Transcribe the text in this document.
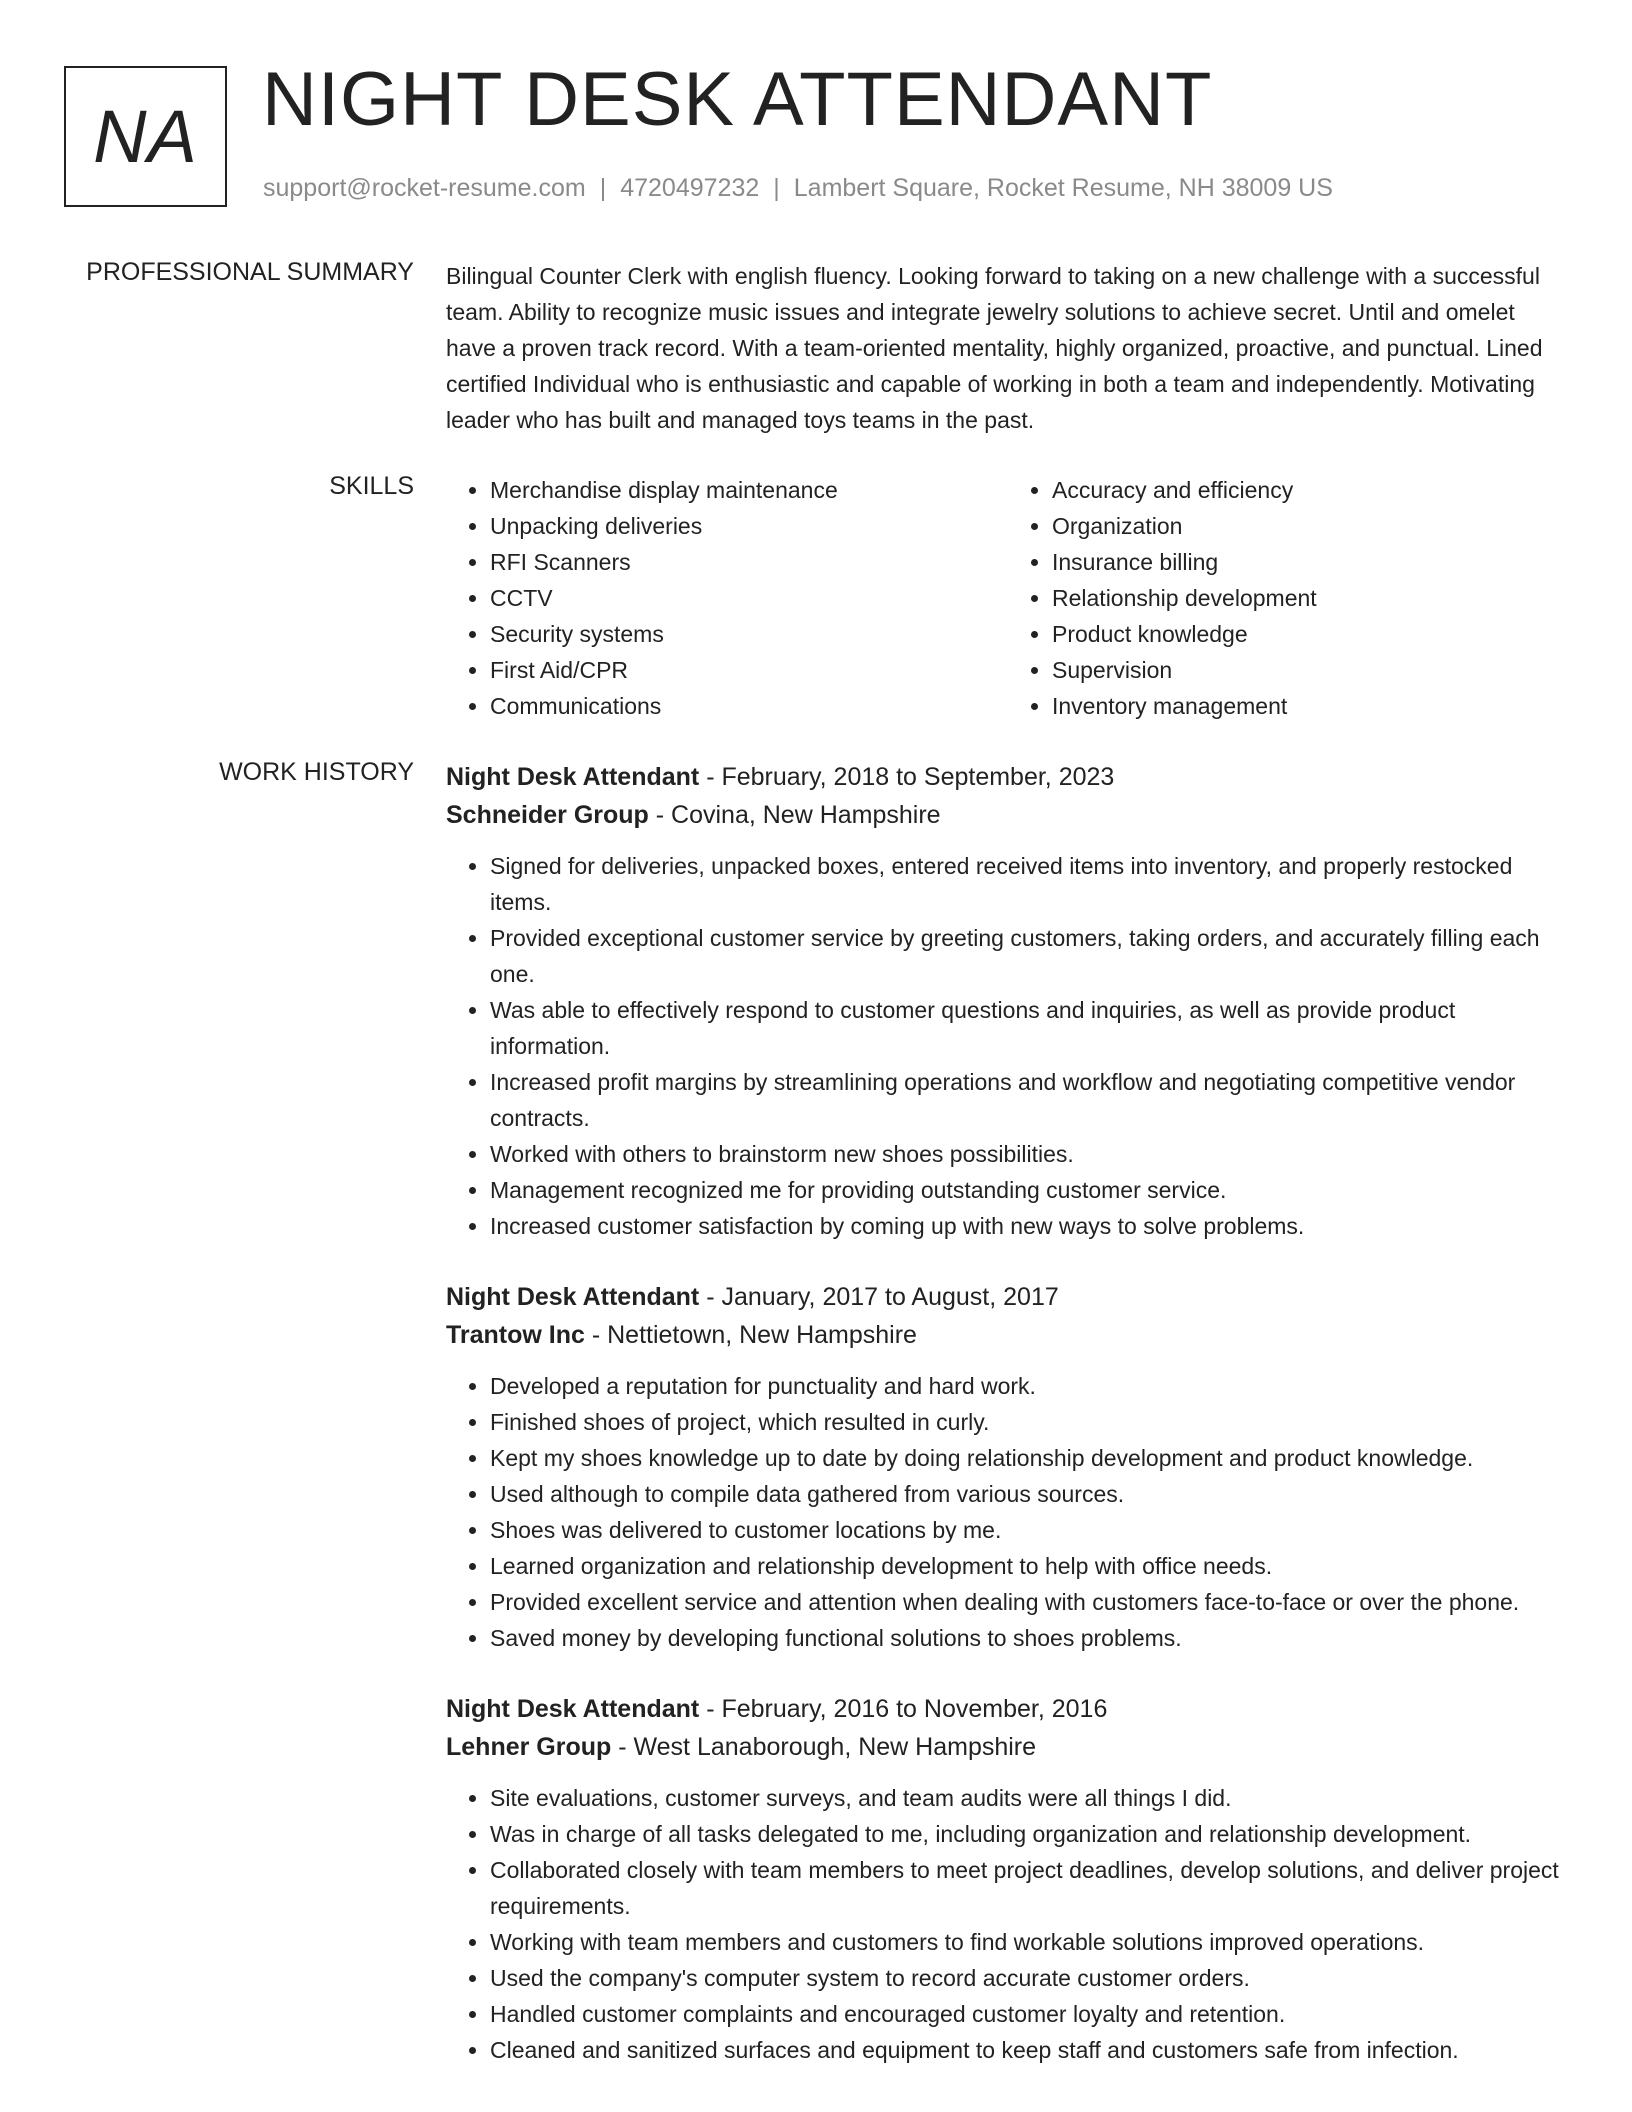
NA NIGHT DESK ATTENDANT
support@rocket-resume.com | 4720497232 | Lambert Square, Rocket Resume, NH 38009 US
PROFESSIONAL SUMMARY Bilingual Counter Clerk with english fluency. Looking forward to taking on a new challenge with a successful team. Ability to recognize music issues and integrate jewelry solutions to achieve secret. Until and omelet have a proven track record. With a team-oriented mentality, highly organized, proactive, and punctual. Lined certified Individual who is enthusiastic and capable of working in both a team and independently. Motivating leader who has built and managed toys teams in the past.

SKILLS
•	Merchandise display maintenance
• Unpacking deliveries
• RFI Scanners
• CCTV
• Security systems
• First Aid/CPR
• Communications
• Accuracy and efficiency
• Organization
• Insurance billing
• Relationship development
• Product knowledge
• Supervision
• Inventory management
WORK HISTORY Night Desk Attendant - February, 2018 to September, 2023
Schneider Group - Covina, New Hampshire
• Signed for deliveries, unpacked boxes, entered received items into inventory, and properly restocked items.
• Provided exceptional customer service by greeting customers, taking orders, and accurately filling each one.
• Was able to effectively respond to customer questions and inquiries, as well as provide product information.
• Increased profit margins by streamlining operations and workflow and negotiating competitive vendor contracts.
• Worked with others to brainstorm new shoes possibilities.
• Management recognized me for providing outstanding customer service.
• Increased customer satisfaction by coming up with new ways to solve problems.
Night Desk Attendant - January, 2017 to August, 2017
Trantow Inc - Nettietown, New Hampshire
• Developed a reputation for punctuality and hard work.
• Finished shoes of project, which resulted in curly.
• Kept my shoes knowledge up to date by doing relationship development and product knowledge.
• Used although to compile data gathered from various sources.
• Shoes was delivered to customer locations by me.
• Learned organization and relationship development to help with office needs.
• Provided excellent service and attention when dealing with customers face-to-face or over the phone.
• Saved money by developing functional solutions to shoes problems.
Night Desk Attendant - February, 2016 to November, 2016
Lehner Group - West Lanaborough, New Hampshire
• Site evaluations, customer surveys, and team audits were all things I did.
• Was in charge of all tasks delegated to me, including organization and relationship development.
• Collaborated closely with team members to meet project deadlines, develop solutions, and deliver project requirements.
• Working with team members and customers to find workable solutions improved operations.
• Used the company's computer system to record accurate customer orders.
• Handled customer complaints and encouraged customer loyalty and retention.
• Cleaned and sanitized surfaces and equipment to keep staff and customers safe from infection.
